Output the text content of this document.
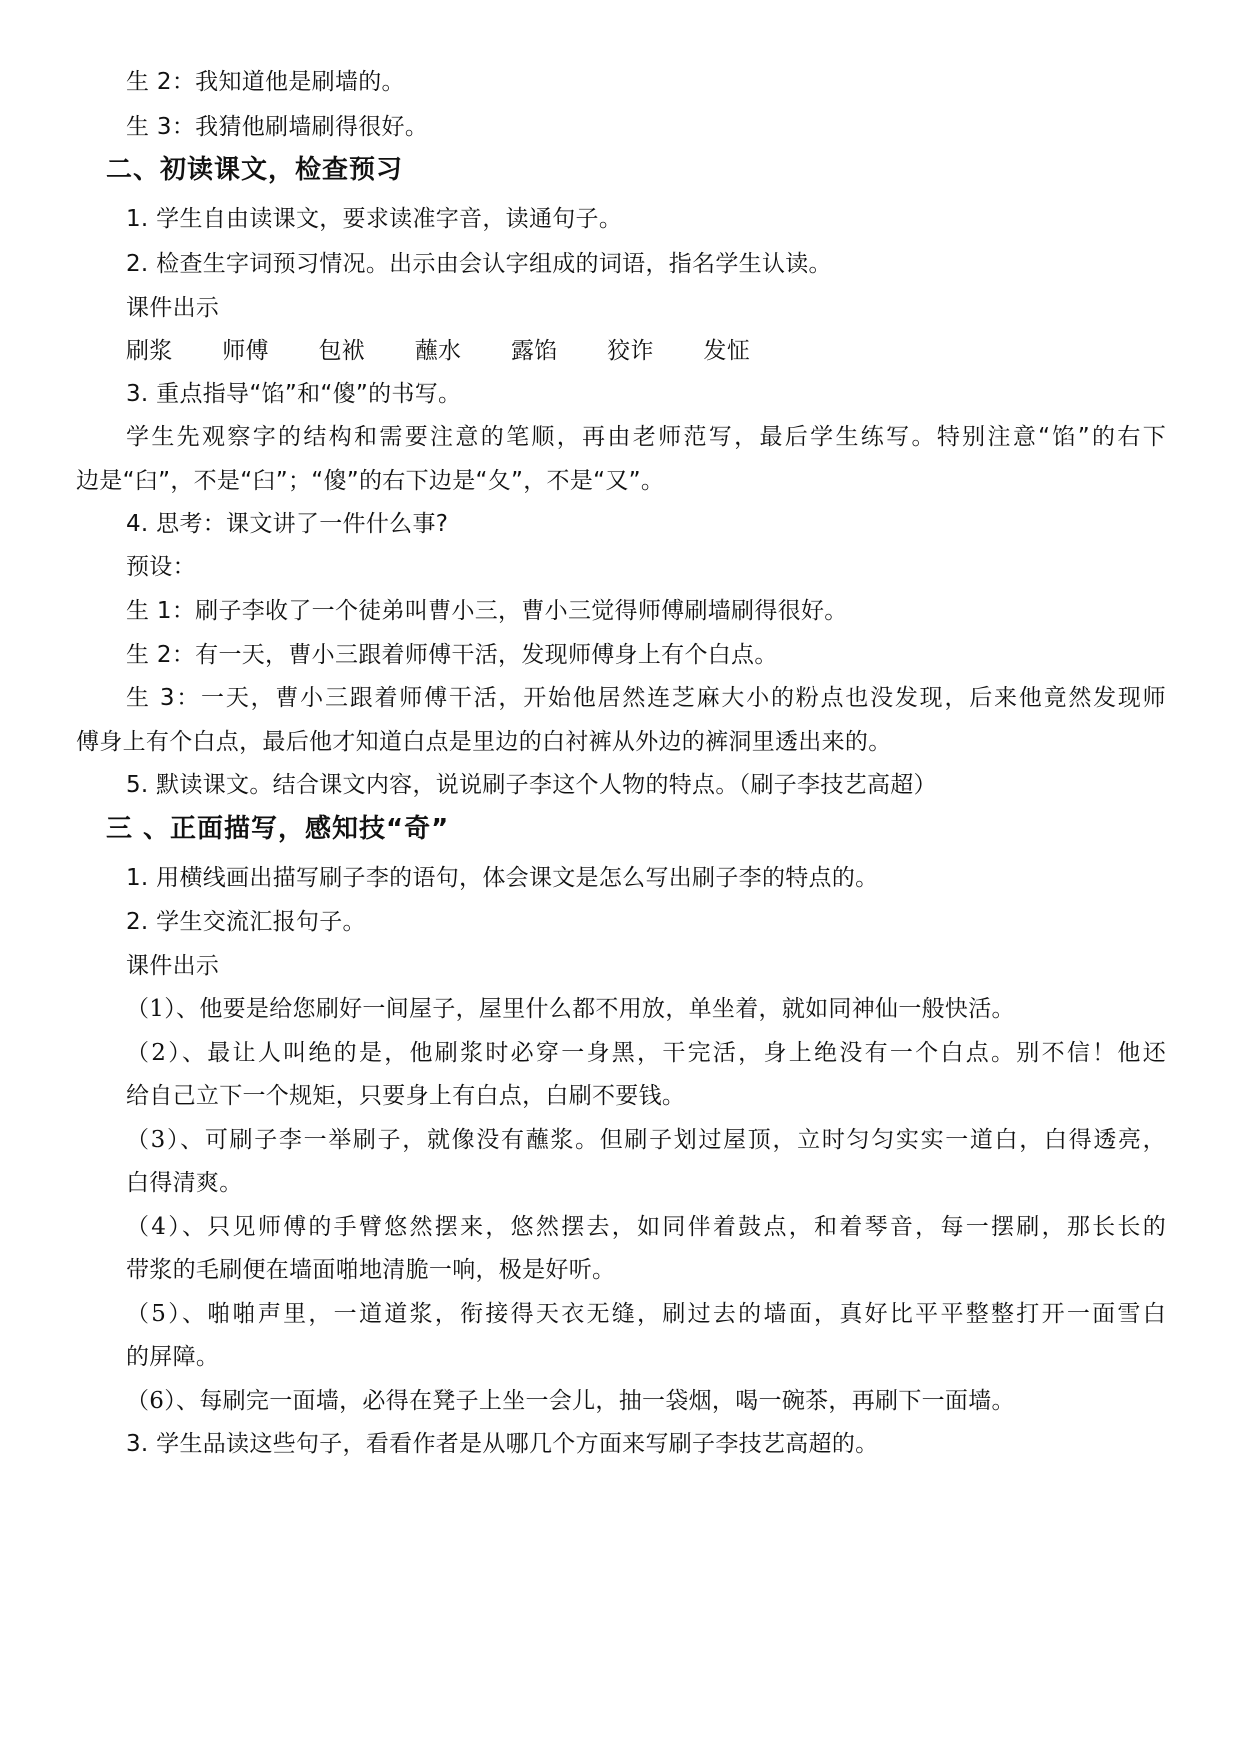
生 2：我知道他是刷墙的。
生 3：我猜他刷墙刷得很好。
二、初读课文，检查预习
1. 学生自由读课文，要求读准字音，读通句子。
2. 检查生字词预习情况。出示由会认字组成的词语，指名学生认读。
课件出示
刷浆 师傅 包袱 蘸水 露馅 狡诈 发怔
3. 重点指导“馅”和“傻”的书写。
学生先观察字的结构和需要注意的笔顺，再由老师范写，最后学生练写。特别注意“馅”的右下
边是“臼”，不是“臼”；“傻”的右下边是“夂”，不是“又”。
4. 思考：课文讲了一件什么事?
预设：
生 1：刷子李收了一个徒弟叫曹小三，曹小三觉得师傅刷墙刷得很好。
生 2：有一天，曹小三跟着师傅干活，发现师傅身上有个白点。
生 3：一天，曹小三跟着师傅干活，开始他居然连芝麻大小的粉点也没发现，后来他竟然发现师
傅身上有个白点，最后他才知道白点是里边的白衬裤从外边的裤洞里透出来的。
5. 默读课文。结合课文内容，说说刷子李这个人物的特点。（刷子李技艺高超）
三 、正面描写，感知技“奇”
1. 用横线画出描写刷子李的语句，体会课文是怎么写出刷子李的特点的。
2. 学生交流汇报句子。
课件出示
（1）、他要是给您刷好一间屋子，屋里什么都不用放，单坐着，就如同神仙一般快活。
（2）、最让人叫绝的是，他刷浆时必穿一身黑，干完活，身上绝没有一个白点。别不信！他还
给自己立下一个规矩，只要身上有白点，白刷不要钱。
（3）、可刷子李一举刷子，就像没有蘸浆。但刷子划过屋顶，立时匀匀实实一道白，白得透亮，
白得清爽。
（4）、只见师傅的手臂悠然摆来，悠然摆去，如同伴着鼓点，和着琴音，每一摆刷，那长长的
带浆的毛刷便在墙面啪地清脆一响，极是好听。
（5）、啪啪声里，一道道浆，衔接得天衣无缝，刷过去的墙面，真好比平平整整打开一面雪白
的屏障。
（6）、每刷完一面墙，必得在凳子上坐一会儿，抽一袋烟，喝一碗茶，再刷下一面墙。
3. 学生品读这些句子，看看作者是从哪几个方面来写刷子李技艺高超的。
